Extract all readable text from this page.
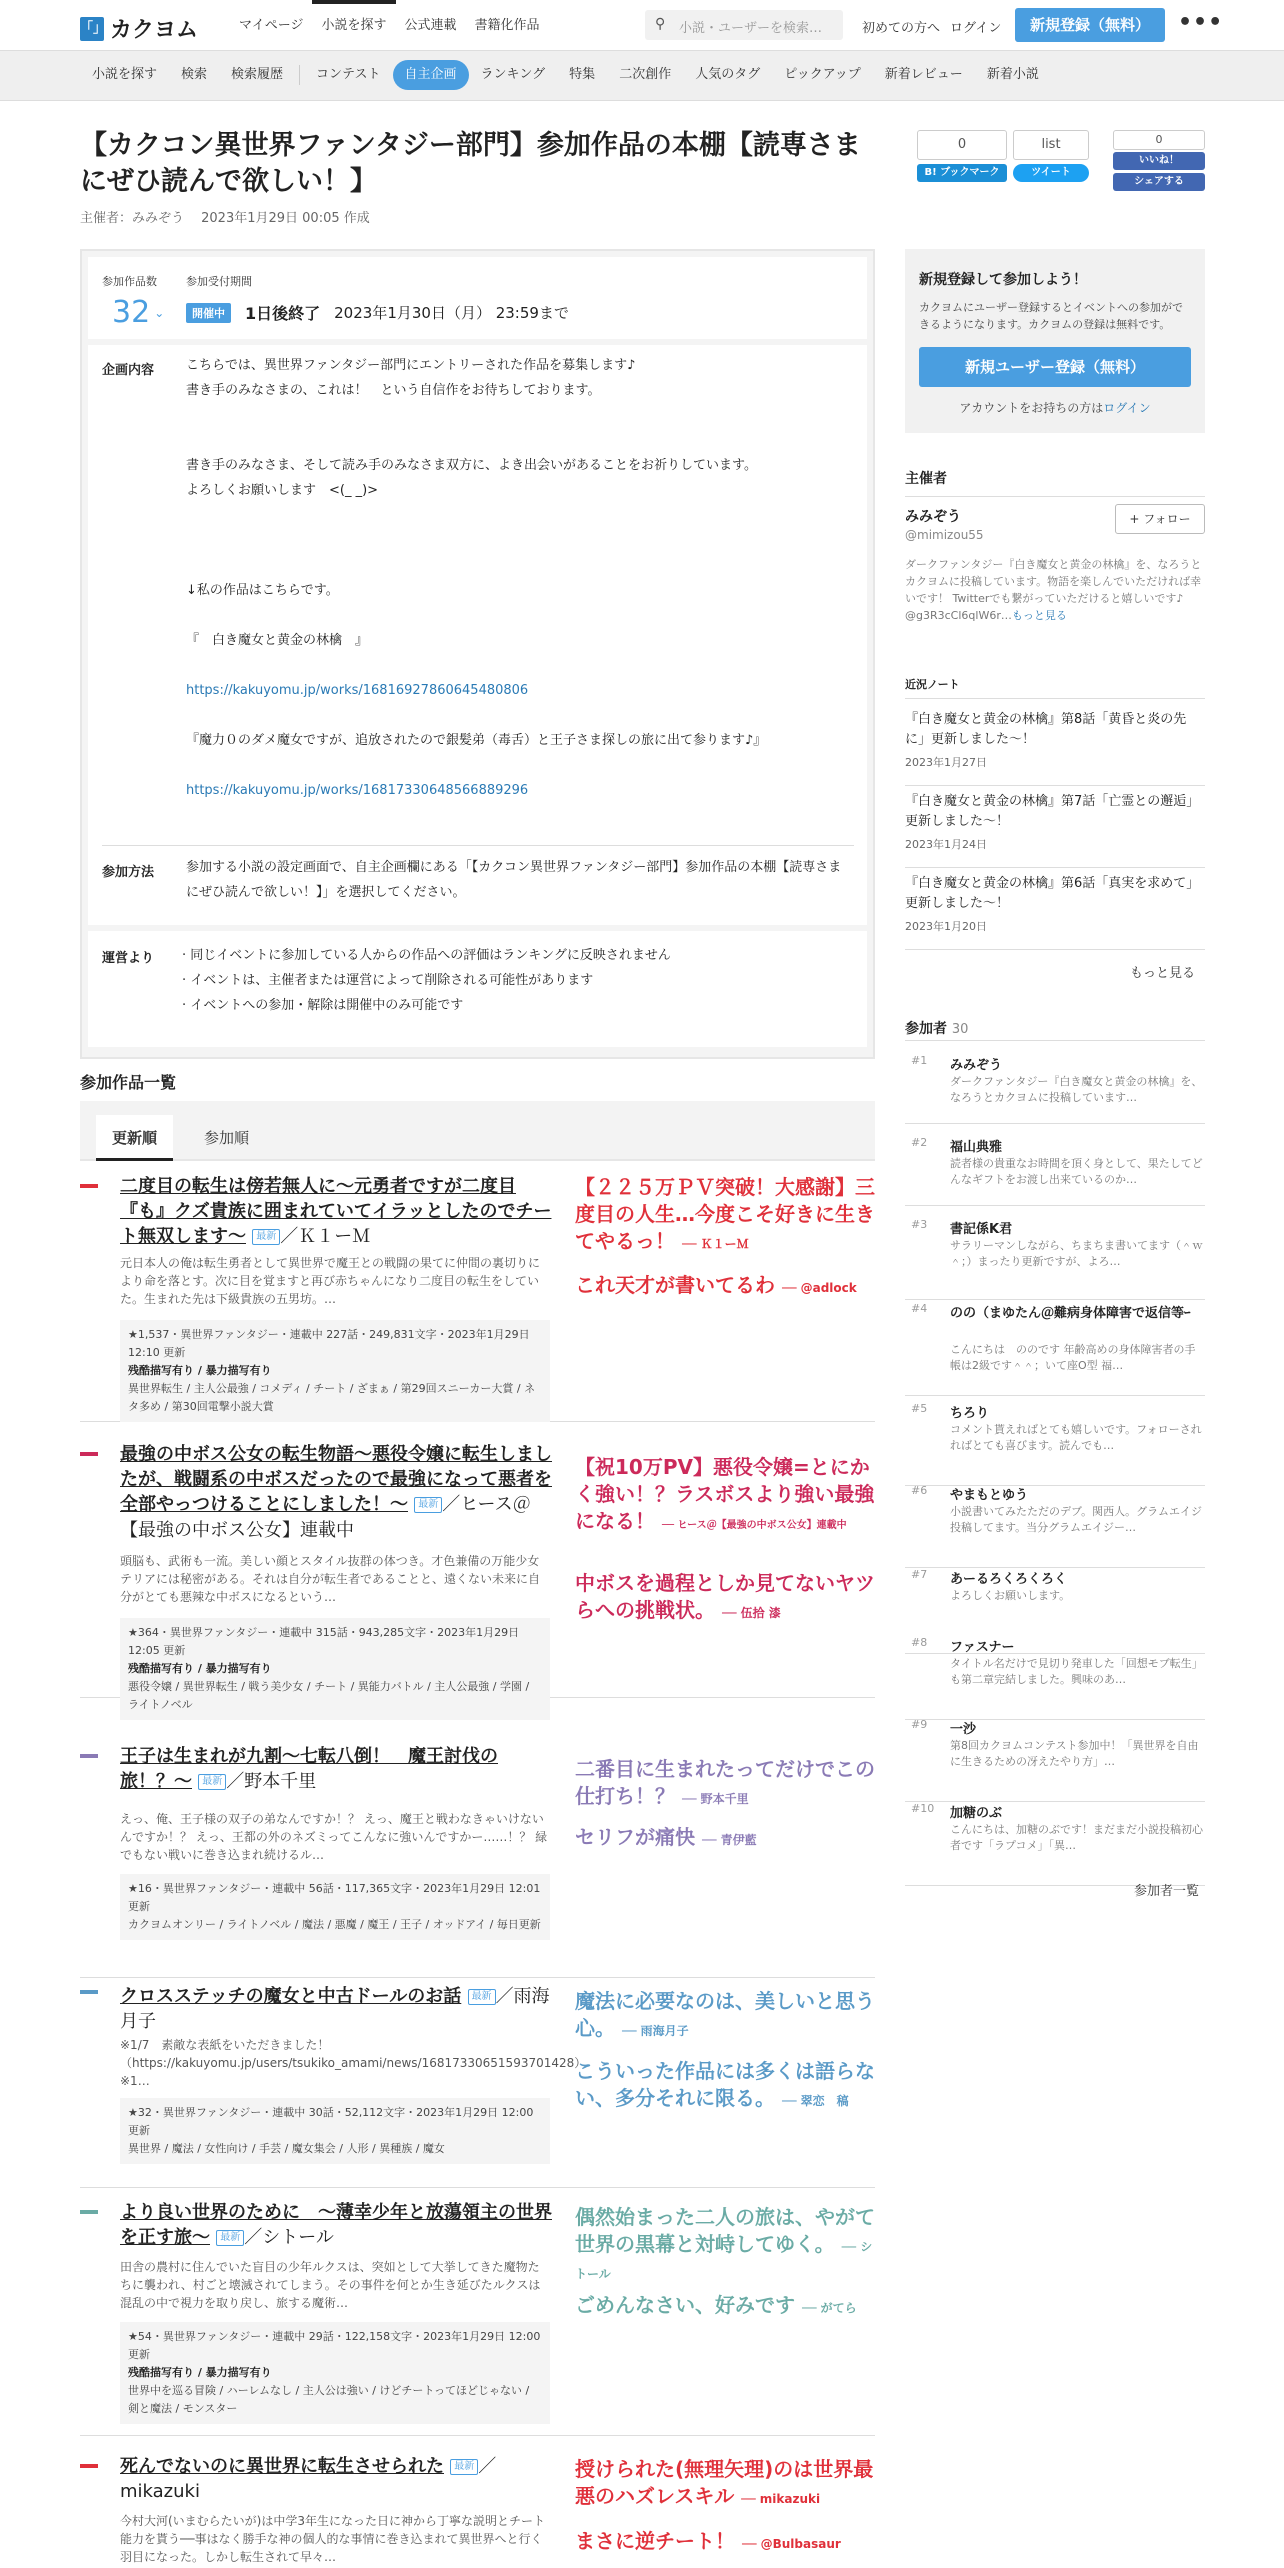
「」 カクヨム	マイページ	小説を探す	公式連載	書籍化作品	⚲ 小説・ユーザーを検索…	初めての方へ ログイン	新規登録（無料）	•••
小説を探す	検索	検索履歴	コンテスト	自主企画	ランキング	特集	二次創作	人気のタグ	ピックアップ	新着レビュー	新着小説
【カクコン異世界ファンタジー部門】参加作品の本棚【読専さまにぜひ読んで欲しい！】
主催者：みみぞう　 2023年1月29日 00:05 作成
0
B! ブックマーク
list
ツイート
0
いいね！
シェアする
参加作品数
32 ⌄
参加受付期間
開催中	1日後終了 2023年1月30日（月） 23:59まで
企画内容 こちらでは、異世界ファンタジー部門にエントリーされた作品を募集します♪
書き手のみなさまの、これは！　という自信作をお待ちしております。
書き手のみなさま、そして読み手のみなさま双方に、よき出会いがあることをお祈りしています。
よろしくお願いします　<(_ _)>
↓私の作品はこちらです。
『　白き魔女と黄金の林檎　』
https://kakuyomu.jp/works/16816927860645480806
『魔力０のダメ魔女ですが、追放されたので銀髪弟（毒舌）と王子さま探しの旅に出て参ります♪』
https://kakuyomu.jp/works/16817330648566889296
参加方法 参加する小説の設定画面で、自主企画欄にある「【カクコン異世界ファンタジー部門】参加作品の本棚【読専さまにぜひ読んで欲しい！】」を選択してください。
運営より · 同じイベントに参加している人からの作品への評価はランキングに反映されません
· イベントは、主催者または運営によって削除される可能性があります
· イベントへの参加・解除は開催中のみ可能です
参加作品一覧
更新順	参加順
二度目の転生は傍若無人に～元勇者ですが二度目『も』クズ貴族に囲まれていてイラッとしたのでチート無双します～ 最新 ／Ｋ１ーＭ
元日本人の俺は転生勇者として異世界で魔王との戦闘の果てに仲間の裏切りにより命を落とす。次に目を覚ますと再び赤ちゃんになり二度目の転生をしていた。生まれた先は下級貴族の五男坊。…
★1,537・異世界ファンタジー・連載中 227話・249,831文字・2023年1月29日 12:10 更新
残酷描写有り / 暴力描写有り
異世界転生 / 主人公最強 / コメディ / チート / ざまぁ / 第29回スニーカー大賞 / ネタ多め / 第30回電撃小説大賞
【２２５万ＰＶ突破！大感謝】三度目の人生…今度こそ好きに生きてやるっ！ ── Ｋ１ーＭ
これ天才が書いてるわ ── @adlock
最強の中ボス公女の転生物語～悪役令嬢に転生しましたが、戦闘系の中ボスだったので最強になって悪者を全部やっつけることにしました！～ 最新 ／ヒース＠【最強の中ボス公女】連載中
頭脳も、武術も一流。美しい顔とスタイル抜群の体つき。才色兼備の万能少女テリアには秘密がある。それは自分が転生者であることと、遠くない未来に自分がとても悪辣な中ボスになるという…
★364・異世界ファンタジー・連載中 315話・943,285文字・2023年1月29日 12:05 更新
残酷描写有り / 暴力描写有り
悪役令嬢 / 異世界転生 / 戦う美少女 / チート / 異能力バトル / 主人公最強 / 学園 / ライトノベル
【祝10万PV】悪役令嬢=とにかく強い！？ラスボスより強い最強になる！ ── ヒース＠【最強の中ボス公女】連載中
中ボスを過程としか見てないヤツらへの挑戦状。 ── 伍拾 漆
王子は生まれが九割〜七転八倒！　魔王討伐の旅！？〜 最新 ／野本千里
えっ、俺、王子様の双子の弟なんですか！？ えっ、魔王と戦わなきゃいけないんですか！？ えっ、王都の外のネズミってこんなに強いんですかー……！？ 緑でもない戦いに巻き込まれ続けるル…
★16・異世界ファンタジー・連載中 56話・117,365文字・2023年1月29日 12:01 更新
カクヨムオンリー / ライトノベル / 魔法 / 悪魔 / 魔王 / 王子 / オッドアイ / 毎日更新
二番目に生まれたってだけでこの仕打ち！？ ── 野本千里
セリフが痛快 ── 青伊藍
クロスステッチの魔女と中古ドールのお話 最新 ／雨海月子
※1/7　素敵な表紙をいただきました！（https://kakuyomu.jp/users/tsukiko_amami/news/16817330651593701428）※1…
★32・異世界ファンタジー・連載中 30話・52,112文字・2023年1月29日 12:00 更新
異世界 / 魔法 / 女性向け / 手芸 / 魔女集会 / 人形 / 異種族 / 魔女
魔法に必要なのは、美しいと思う心。 ── 雨海月子
こういった作品には多くは語らない、多分それに限る。 ── 翠恋　稿
より良い世界のために　～薄幸少年と放蕩領主の世界を正す旅～ 最新 ／シトール
田舎の農村に住んでいた盲目の少年ルクスは、突如として大挙してきた魔物たちに襲われ、村ごと壊滅されてしまう。その事件を何とか生き延びたルクスは混乱の中で視力を取り戻し、旅する魔術…
★54・異世界ファンタジー・連載中 29話・122,158文字・2023年1月29日 12:00 更新
残酷描写有り / 暴力描写有り
世界中を巡る冒険 / ハーレムなし / 主人公は強い / けどチートってほどじゃない / 剣と魔法 / モンスター
偶然始まった二人の旅は、やがて世界の黒幕と対峙してゆく。 ── シトール
ごめんなさい、好みです ── がてら
死んでないのに異世界に転生させられた 最新 ／mikazuki
今村大河(いまむらたいが)は中学3年生になった日に神から丁寧な説明とチート能力を貰う──事はなく勝手な神の個人的な事情に巻き込まれて異世界へと行く羽目になった。しかし転生されて早々…
授けられた(無理矢理)のは世界最悪のハズレスキル ── mikazuki
まさに逆チート！ ── @Bulbasaur
新規登録して参加しよう！
カクヨムにユーザー登録するとイベントへの参加ができるようになります。カクヨムの登録は無料です。
新規ユーザー登録（無料）
アカウントをお持ちの方はログイン
主催者
みみぞう
@mimizou55
+ フォロー
ダークファンタジー『白き魔女と黄金の林檎』を、なろうとカクヨムに投稿しています。物語を楽しんでいただければ幸いです！ Twitterでも繋がっていただけると嬉しいです♪　@g3R3cCl6qlW6r…もっと見る
近況ノート
『白き魔女と黄金の林檎』第8話「黄昏と炎の先に」更新しました～！
2023年1月27日
『白き魔女と黄金の林檎』第7話「亡霊との邂逅」更新しました～！
2023年1月24日
『白き魔女と黄金の林檎』第6話「真実を求めて」更新しました～！
2023年1月20日
もっと見る
参加者 30
#1 みみぞう
ダークファンタジー『白き魔女と黄金の林檎』を、なろうとカクヨムに投稿しています…
#2 福山典雅
読者様の貴重なお時間を頂く身として、果たしてどんなギフトをお渡し出来ているのか…
#3 書記係K君
サラリーマンしながら、ちまちま書いてます（＾ｗ＾；）まったり更新ですが、よろ…
#4 のの（まゆたん＠難病身体障害で返信等ｰ
こんにちは　ののです 年齢高めの身体障害者の手帳は2級です＾＾；いて座O型 福…
#5 ちろり
コメント貰えればとても嬉しいです。フォローされればとても喜びます。読んでも…
#6 やまもとゆう
小説書いてみたただのデブ。関西人。グラムエイジ投稿してます。当分グラムエイジー…
#7 あーるろくろくろく
よろしくお願いします。
#8 ファスナー
タイトル名だけで見切り発車した「回想モブ転生」も第二章完結しました。興味のあ…
#9 一沙
第8回カクヨムコンテスト参加中！「異世界を自由に生きるための冴えたやり方」…
#10 加糖のぶ
こんにちは、加糖のぶです！まだまだ小説投稿初心者です「ラプコメ」「異…
参加者一覧
